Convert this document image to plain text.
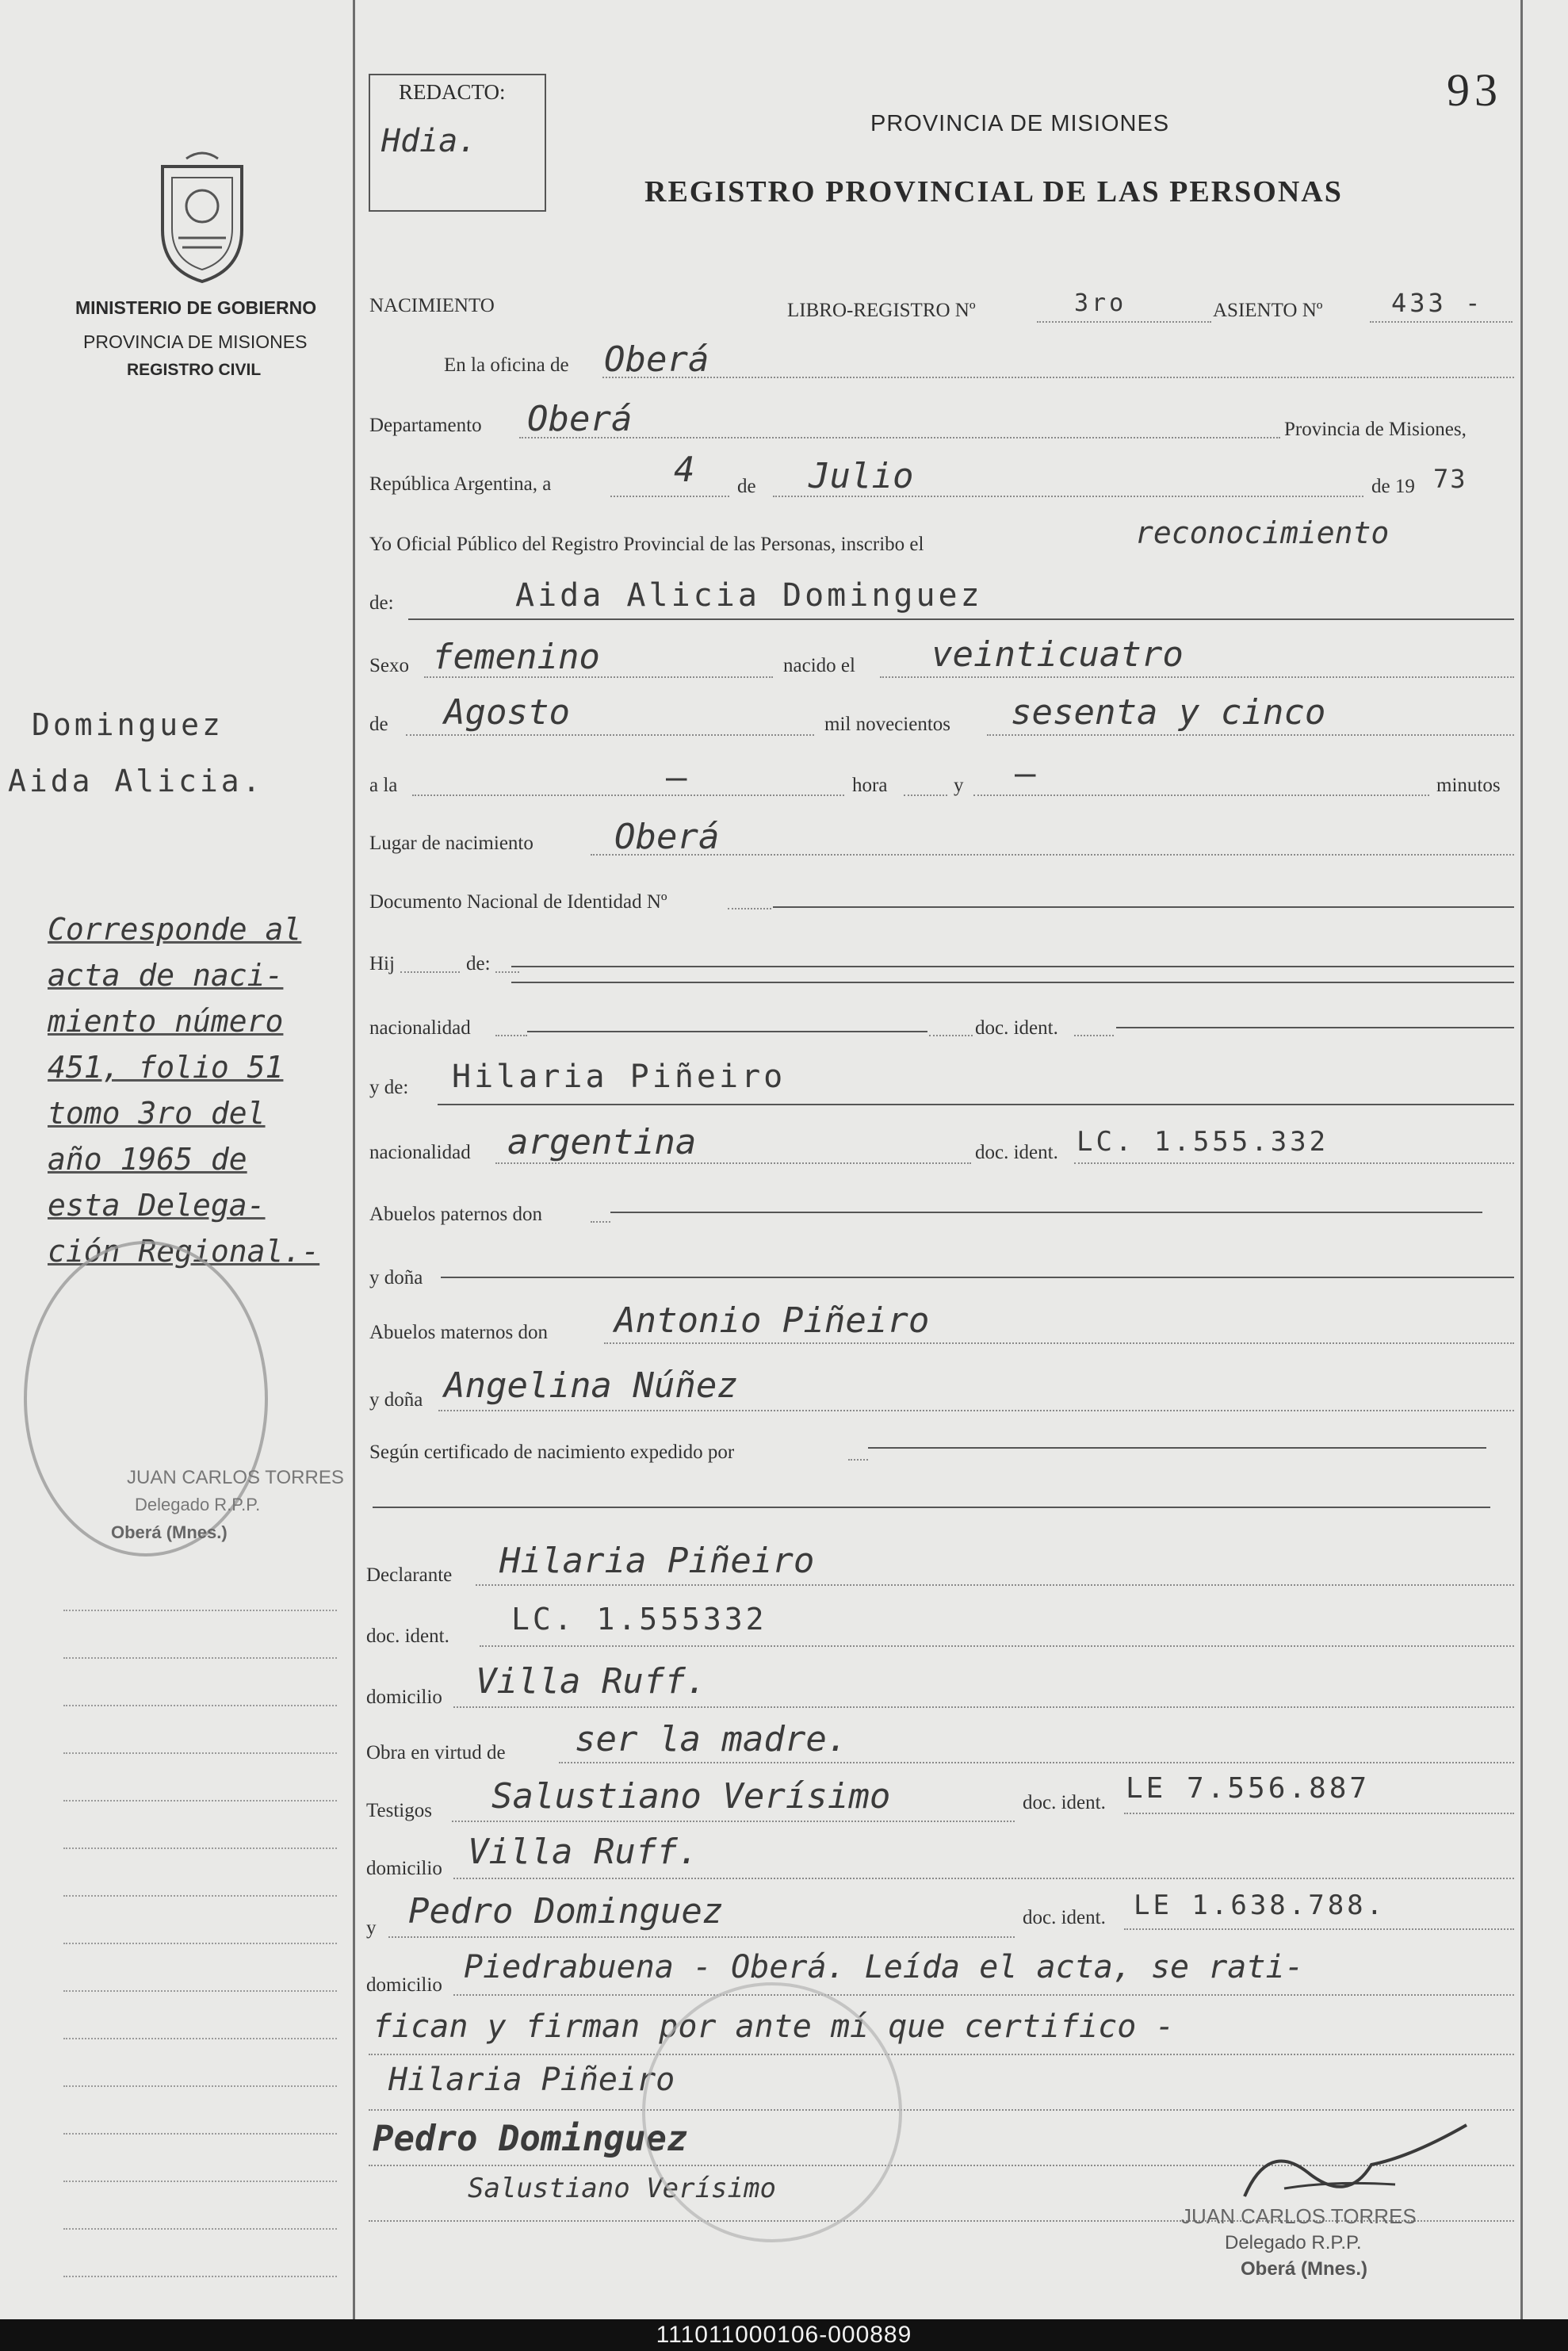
93
REDACTO:
Hdia.	PROVINCIA DE MISIONES
REGISTRO PROVINCIAL DE LAS PERSONAS
MINISTERIO DE GOBIERNO
PROVINCIA DE MISIONES
REGISTRO CIVIL
Dominguez
Aida Alicia.
Corresponde al
acta de naci-
miento número
451, folio 51
tomo 3ro del
año 1965 de
esta Delega-
ción Regional.-
JUAN CARLOS TORRES
Delegado R.P.P.
Oberá (Mnes.)
NACIMIENTO	LIBRO-REGISTRO Nº	3ro	ASIENTO Nº	433 -
En la oficina de Oberá
Departamento Oberá	Provincia de Misiones,
República Argentina, a	4 de Julio	de 19 73
Yo Oficial Público del Registro Provincial de las Personas, inscribo el	reconocimiento
de:	Aida Alicia Dominguez
Sexo femenino	nacido el veinticuatro
de Agosto	mil novecientos sesenta y cinco
a la	—	hora	y —	minutos
Lugar de nacimiento Oberá
Documento Nacional de Identidad Nº
Hij	de:
nacionalidad	doc. ident.
y de: Hilaria Piñeiro
nacionalidad argentina	doc. ident. LC. 1.555.332
Abuelos paternos don
y doña
Abuelos maternos don Antonio Piñeiro
y doña Angelina Núñez
Según certificado de nacimiento expedido por
Declarante Hilaria Piñeiro
doc. ident. LC. 1.555332
domicilio Villa Ruff.
Obra en virtud de ser la madre.
Testigos Salustiano Verísimo	doc. ident. LE 7.556.887
domicilio Villa Ruff.
y Pedro Dominguez	doc. ident. LE 1.638.788.
domicilio Piedrabuena - Oberá. Leída el acta, se rati-
fican y firman por ante mí que certifico -
Hilaria Piñeiro
Pedro Dominguez
Salustiano Verísimo
JUAN CARLOS TORRES
Delegado R.P.P.
Oberá (Mnes.)
111011000106-000889
